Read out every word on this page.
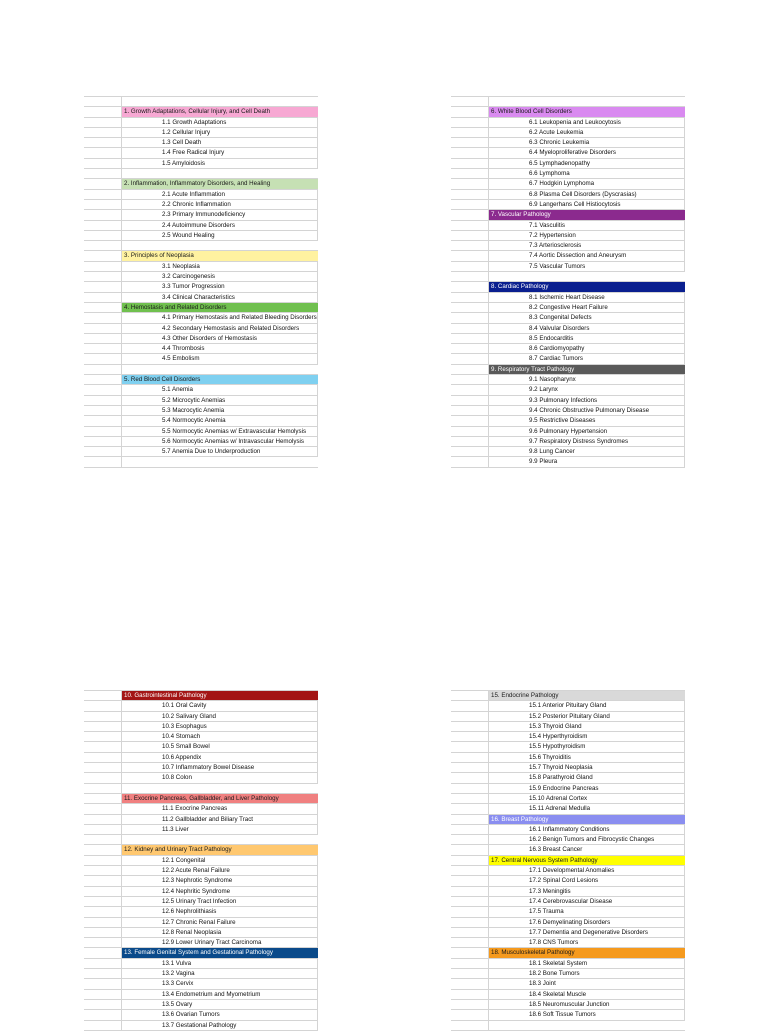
1. Growth Adaptations, Cellular Injury, and Cell Death
1.1 Growth Adaptations
1.2 Cellular Injury
1.3 Cell Death
1.4 Free Radical Injury
1.5 Amyloidosis
2. Inflammation, Inflammatory Disorders, and Healing
2.1 Acute Inflammation
2.2 Chronic Inflammation
2.3 Primary Immunodeficiency
2.4 Autoimmune Disorders
2.5 Wound Healing
3. Principles of Neoplasia
3.1 Neoplasia
3.2 Carcinogenesis
3.3 Tumor Progression
3.4 Clinical Characteristics
4. Hemostasis and Related Disorders
4.1 Primary Hemostasis and Related Bleeding Disorders
4.2 Secondary Hemostasis and Related Disorders
4.3 Other Disorders of Hemostasis
4.4 Thrombosis
4.5 Embolism
5. Red Blood Cell Disorders
5.1 Anemia
5.2 Microcytic Anemias
5.3 Macrocytic Anemia
5.4 Normocytic Anemia
5.5 Normocytic Anemias w/ Extravascular Hemolysis
5.6 Normocytic Anemias w/ Intravascular Hemolysis
5.7 Anemia Due to Underproduction
6. White Blood Cell Disorders
6.1 Leukopenia and Leukocytosis
6.2 Acute Leukemia
6.3 Chronic Leukemia
6.4 Myeloproliferative Disorders
6.5 Lymphadenopathy
6.6 Lymphoma
6.7 Hodgkin Lymphoma
6.8 Plasma Cell Disorders (Dyscrasias)
6.9 Langerhans Cell Histiocytosis
7. Vascular Pathology
7.1 Vasculitis
7.2 Hypertension
7.3 Arteriosclerosis
7.4 Aortic Dissection and Aneurysm
7.5 Vascular Tumors
8. Cardiac Pathology
8.1 Ischemic Heart Disease
8.2 Congestive Heart Failure
8.3 Congenital Defects
8.4 Valvular Disorders
8.5 Endocarditis
8.6 Cardiomyopathy
8.7 Cardiac Tumors
9. Respiratory Tract Pathology
9.1 Nasopharynx
9.2 Larynx
9.3 Pulmonary Infections
9.4 Chronic Obstructive Pulmonary Disease
9.5 Restrictive Diseases
9.6 Pulmonary Hypertension
9.7 Respiratory Distress Syndromes
9.8 Lung Cancer
9.9 Pleura
10. Gastrointestinal Pathology
10.1 Oral Cavity
10.2 Salivary Gland
10.3 Esophagus
10.4 Stomach
10.5 Small Bowel
10.6 Appendix
10.7 Inflammatory Bowel Disease
10.8 Colon
11. Exocrine Pancreas, Gallbladder, and Liver Pathology
11.1 Exocrine Pancreas
11.2 Gallbladder and Biliary Tract
11.3 Liver
12. Kidney and Urinary Tract Pathology
12.1 Congenital
12.2 Acute Renal Failure
12.3 Nephrotic Syndrome
12.4 Nephritic Syndrome
12.5 Urinary Tract Infection
12.6 Nephrolithiasis
12.7 Chronic Renal Failure
12.8 Renal Neoplasia
12.9 Lower Urinary Tract Carcinoma
13. Female Genital System and Gestational Pathology
13.1 Vulva
13.2 Vagina
13.3 Cervix
13.4 Endometrium and Myometrium
13.5 Ovary
13.6 Ovarian Tumors
13.7 Gestational Pathology
15. Endocrine Pathology
15.1 Anterior Pituitary Gland
15.2 Posterior Pituitary Gland
15.3 Thyroid Gland
15.4 Hyperthyroidism
15.5 Hypothyroidism
15.6 Thyroiditis
15.7 Thyroid Neoplasia
15.8 Parathyroid Gland
15.9 Endocrine Pancreas
15.10 Adrenal Cortex
15.11 Adrenal Medulla
16. Breast Pathology
16.1 Inflammatory Conditions
16.2 Benign Tumors and Fibrocystic Changes
16.3 Breast Cancer
17. Central Nervous System Pathology
17.1 Developmental Anomalies
17.2 Spinal Cord Lesions
17.3 Meningitis
17.4 Cerebrovascular Disease
17.5 Trauma
17.6 Demyelinating Disorders
17.7 Dementia and Degenerative Disorders
17.8 CNS Tumors
18. Musculoskeletal Pathology
18.1 Skeletal System
18.2 Bone Tumors
18.3 Joint
18.4 Skeletal Muscle
18.5 Neuromuscular Junction
18.6 Soft Tissue Tumors
